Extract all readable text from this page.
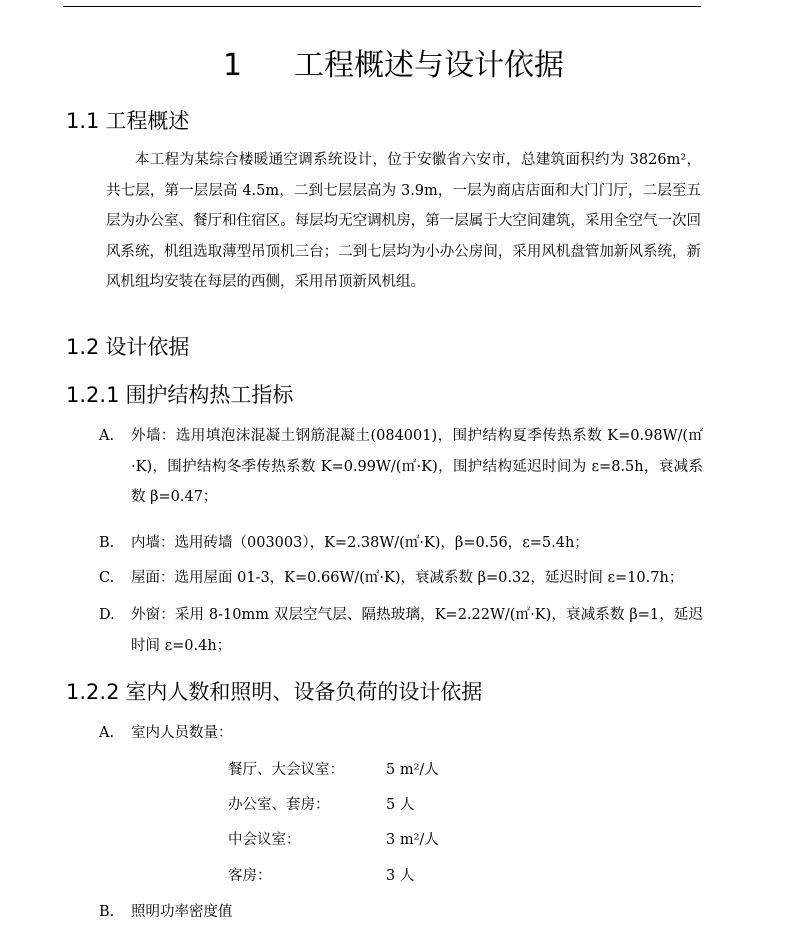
1 工程概述与设计依据
1.1 工程概述

本工程为某综合楼暖通空调系统设计，位于安徽省六安市，总建筑面积约为 3826m²，共七层，第一层层高 4.5m，二到七层层高为 3.9m，一层为商店店面和大门门厅，二层至五层为办公室、餐厅和住宿区。每层均无空调机房，第一层属于大空间建筑，采用全空气一次回风系统，机组选取薄型吊顶机三台；二到七层均为小办公房间，采用风机盘管加新风系统，新风机组均安装在每层的西侧，采用吊顶新风机组。

1.2 设计依据
1.2.1 围护结构热工指标
A. 外墙：选用填泡沫混凝土钢筋混凝土(084001)，围护结构夏季传热系数 K=0.98W/(㎡·K)，围护结构冬季传热系数 K=0.99W/(㎡·K)，围护结构延迟时间为 ε=8.5h，衰减系数 β=0.47；
B. 内墙：选用砖墙（003003），K=2.38W/(㎡·K)，β=0.56，ε=5.4h；
C. 屋面：选用屋面 01-3，K=0.66W/(㎡·K)，衰减系数 β=0.32，延迟时间 ε=10.7h；
D. 外窗：采用 8-10mm 双层空气层、隔热玻璃，K=2.22W/(㎡·K)，衰减系数 β=1，延迟时间 ε=0.4h；
1.2.2 室内人数和照明、设备负荷的设计依据
A. 室内人员数量：
餐厅、大会议室：	5 m²/人
办公室、套房：	5 人
中会议室：	3 m²/人
客房：	3 人
B. 照明功率密度值
